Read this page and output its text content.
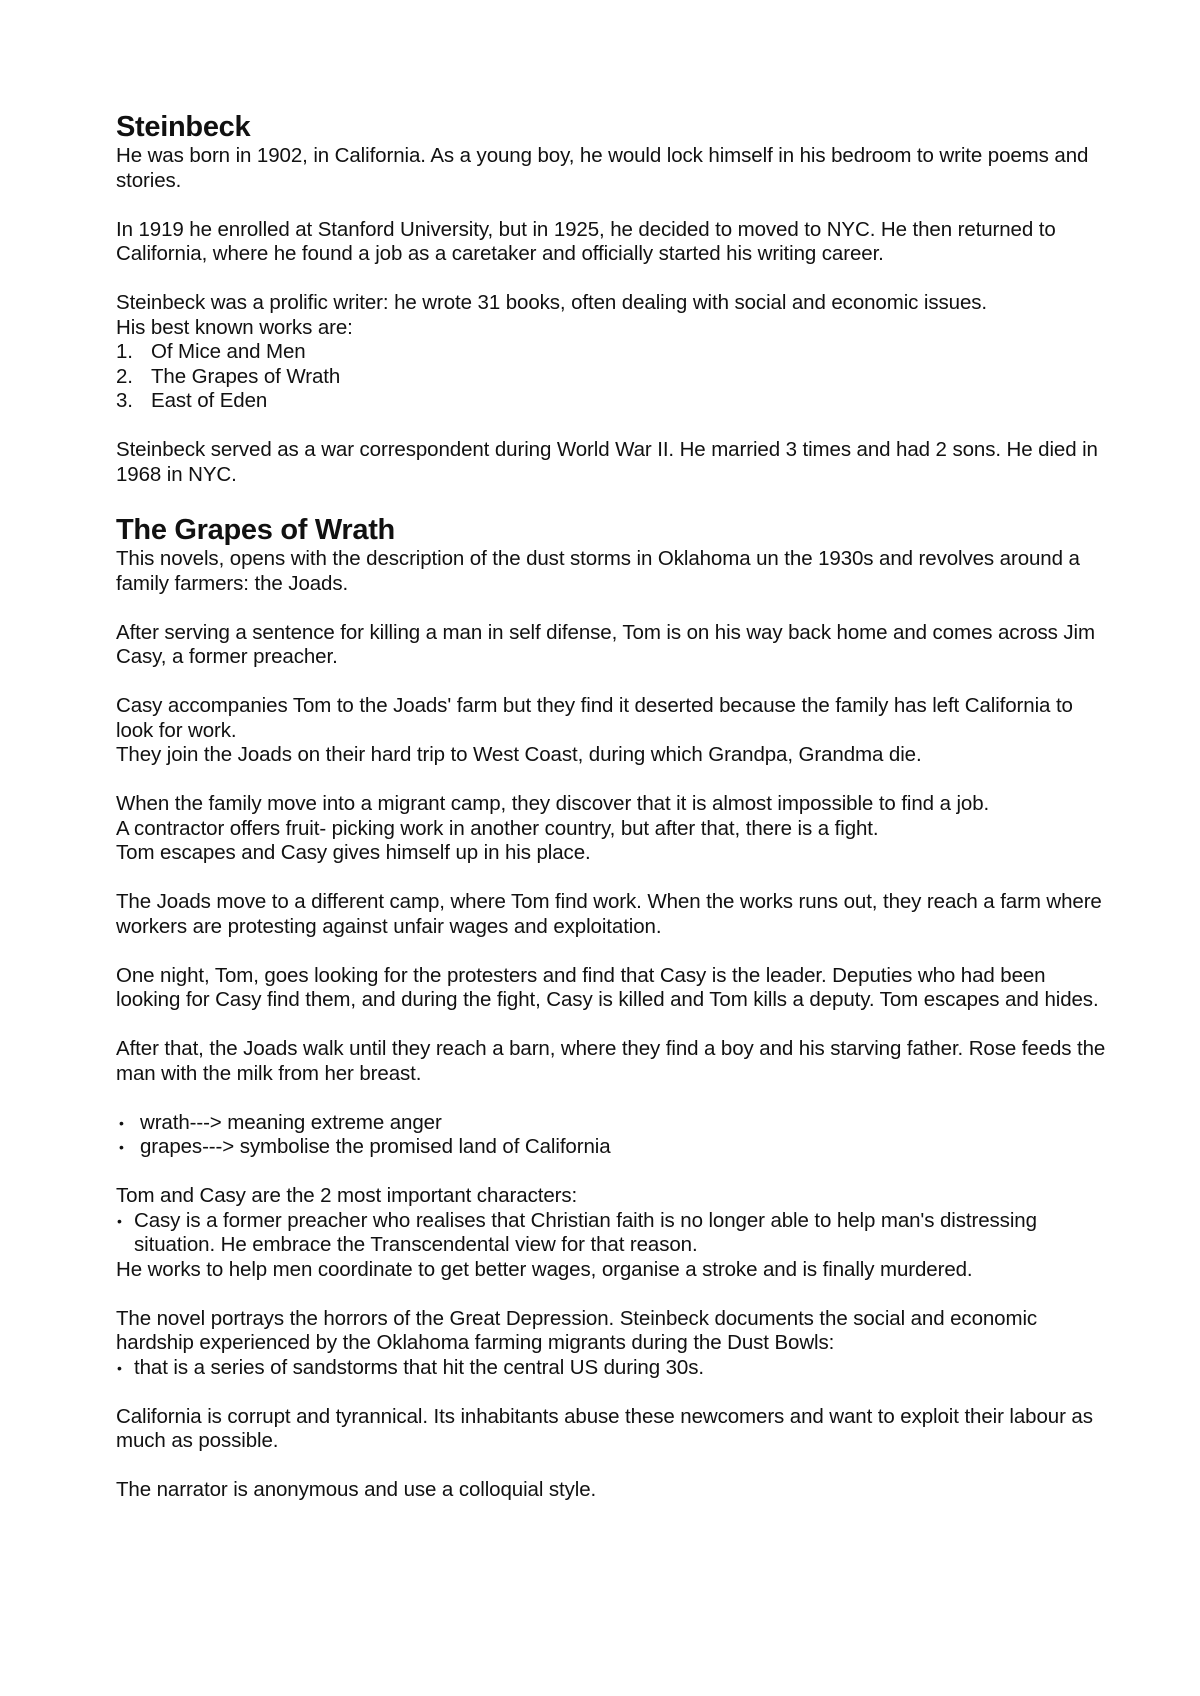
Steinbeck

He was born in 1902, in California. As a young boy, he would lock himself in his bedroom to write poems and stories.

In 1919 he enrolled at Stanford University, but in 1925, he decided to moved to NYC. He then returned to California, where he found a job as a caretaker and officially started his writing career.

Steinbeck was a prolific writer: he wrote 31 books, often dealing with social and economic issues.

His best known works are:

1. Of Mice and Men
2. The Grapes of Wrath
3. East of Eden

Steinbeck served as a war correspondent during World War II. He married 3 times and had 2 sons. He died in 1968 in NYC.

The Grapes of Wrath

This novels, opens with the description of the dust storms in Oklahoma un the 1930s and revolves around a family farmers: the Joads.

After serving a sentence for killing a man in self difense, Tom is on his way back home and comes across Jim Casy, a former preacher.

Casy accompanies Tom to the Joads' farm but they find it deserted because the family has left California to look for work.

They join the Joads on their hard trip to West Coast, during which Grandpa, Grandma die.

When the family move into a migrant camp, they discover that it is almost impossible to find a job.

A contractor offers fruit- picking work in another country, but after that, there is a fight.

Tom escapes and Casy gives himself up in his place.

The Joads move to a different camp, where Tom find work. When the works runs out, they reach a farm where workers are protesting against unfair wages and exploitation.

One night, Tom, goes looking for the protesters and find that Casy is the leader. Deputies who had been looking for Casy find them, and during the fight, Casy is killed and Tom kills a deputy. Tom escapes and hides.

After that, the Joads walk until they reach a barn, where they find a boy and his starving father. Rose feeds the man with the milk from her breast.

• wrath---> meaning extreme anger
• grapes---> symbolise the promised land of California

Tom and Casy are the 2 most important characters:

• Casy is a former preacher who realises that Christian faith is no longer able to help man's distressing situation. He embrace the Transcendental view for that reason.

He works to help men coordinate to get better wages, organise a stroke and is finally murdered.

The novel portrays the horrors of the Great Depression. Steinbeck documents the social and economic hardship experienced by the Oklahoma farming migrants during the Dust Bowls:

• that is a series of sandstorms that hit the central US during 30s.

California is corrupt and tyrannical. Its inhabitants abuse these newcomers and want to exploit their labour as much as possible.

The narrator is anonymous and use a colloquial style.
